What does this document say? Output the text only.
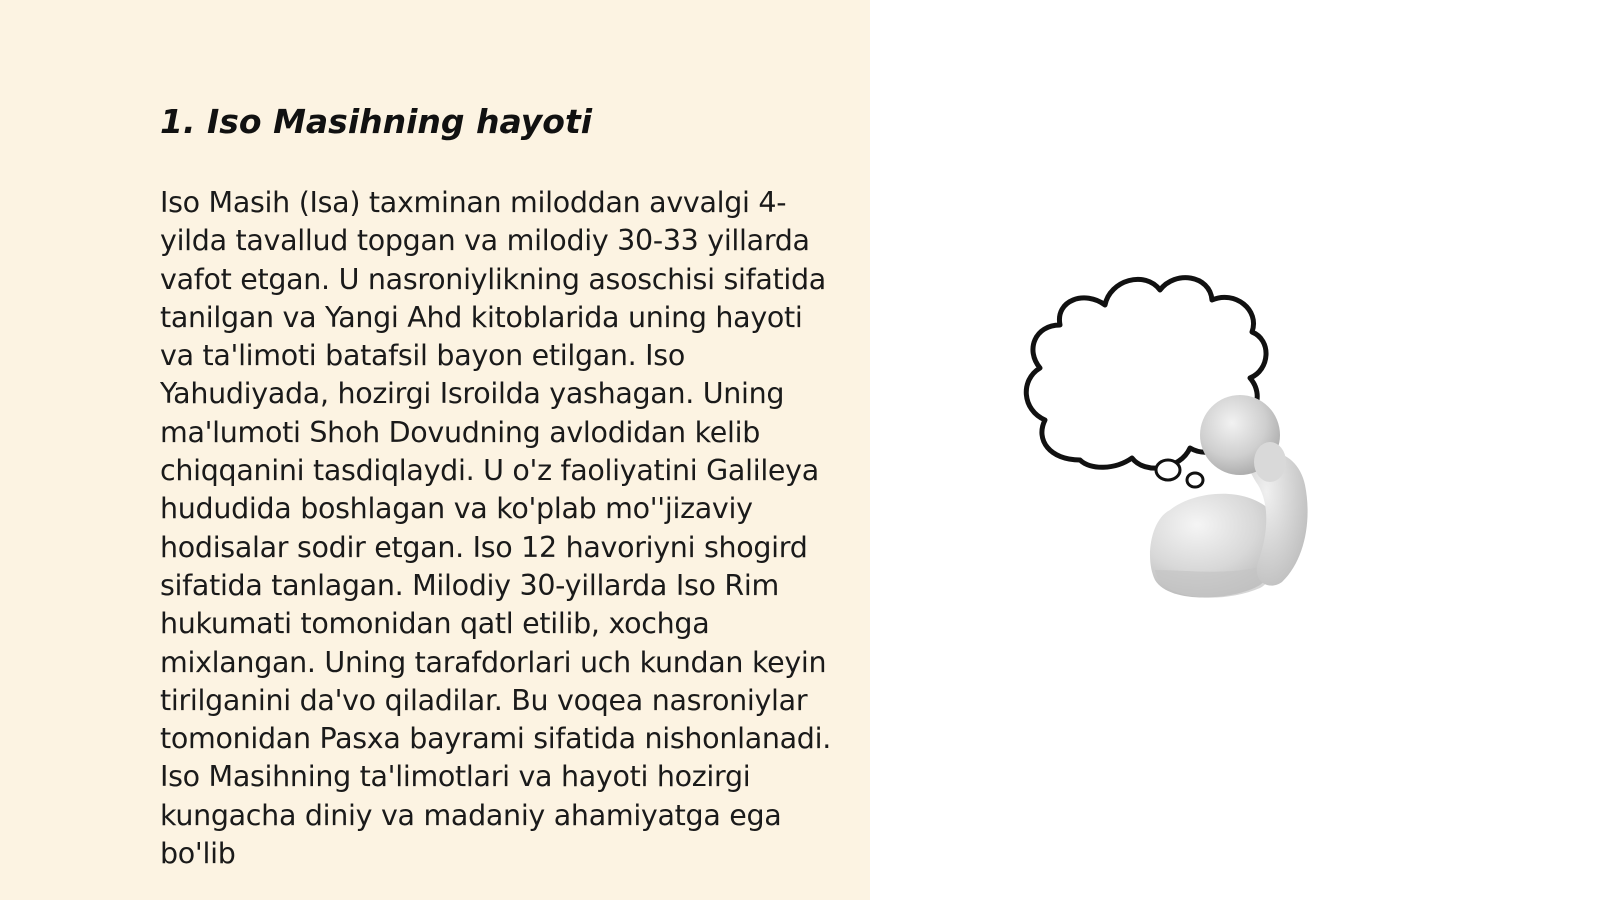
1. Iso Masihning hayoti

Iso Masih (Isa) taxminan miloddan avvalgi 4-yilda tavallud topgan va milodiy 30-33 yillarda vafot etgan. U nasroniylikning asoschisi sifatida tanilgan va Yangi Ahd kitoblarida uning hayoti va ta'limoti batafsil bayon etilgan. Iso Yahudiyada, hozirgi Isroilda yashagan. Uning ma'lumoti Shoh Dovudning avlodidan kelib chiqqanini tasdiqlaydi. U o'z faoliyatini Galileya hududida boshlagan va ko'plab mo''jizaviy hodisalar sodir etgan. Iso 12 havoriyni shogird sifatida tanlagan. Milodiy 30-yillarda Iso Rim hukumati tomonidan qatl etilib, xochga mixlangan. Uning tarafdorlari uch kundan keyin tirilganini da'vo qiladilar. Bu voqea nasroniylar tomonidan Pasxa bayrami sifatida nishonlanadi. Iso Masihning ta'limotlari va hayoti hozirgi kungacha diniy va madaniy ahamiyatga ega bo'lib
